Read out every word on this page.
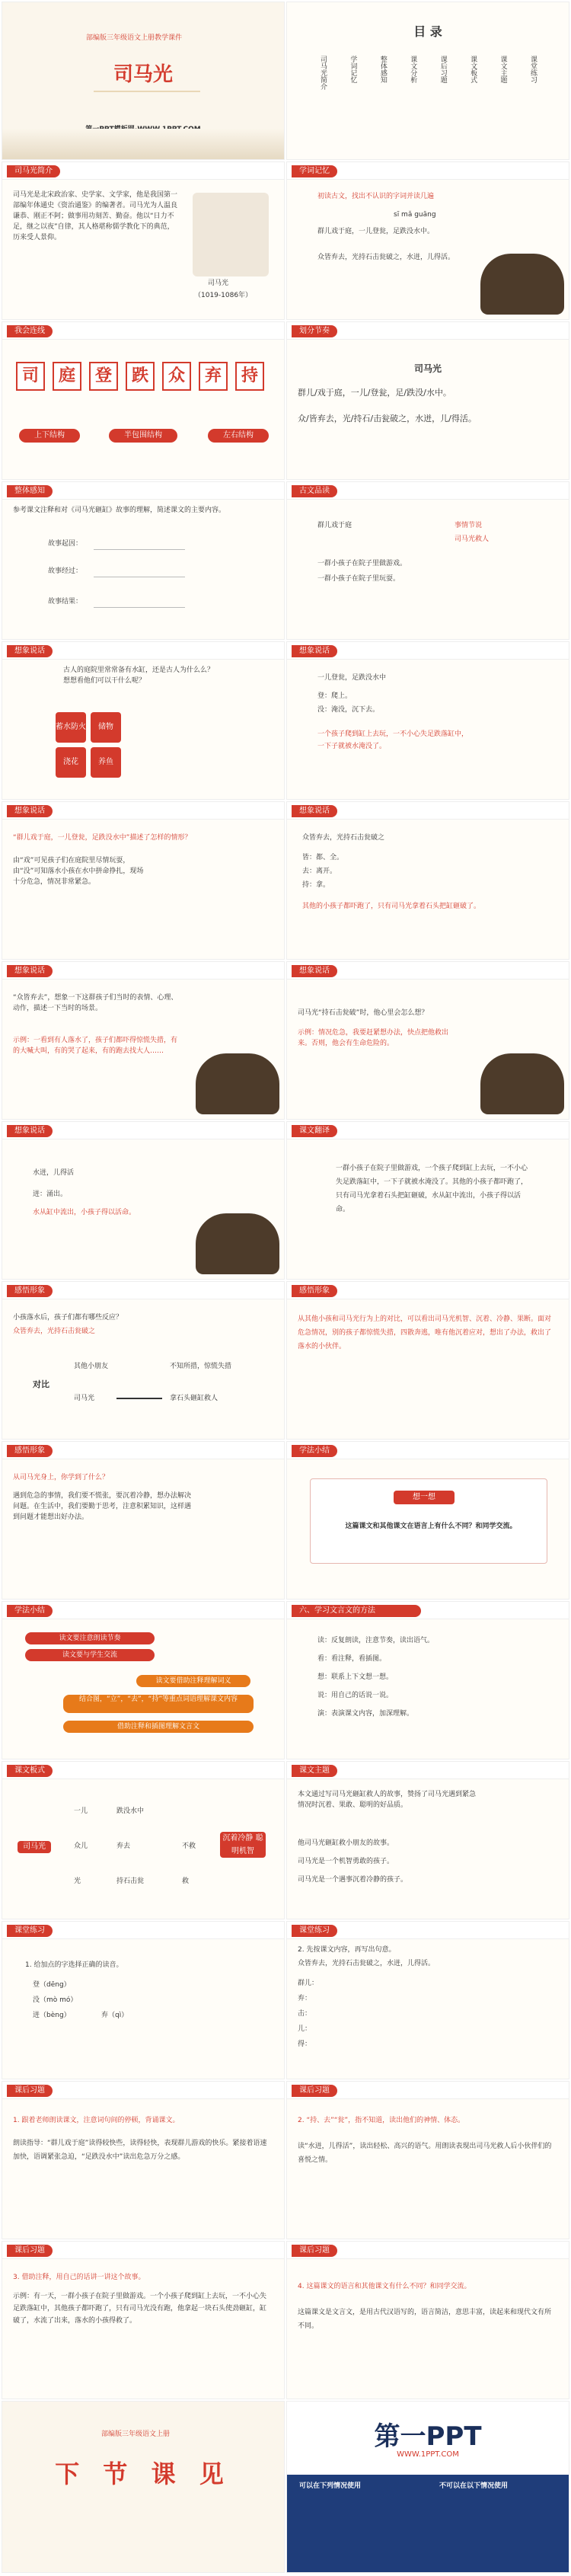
部编版三年级语文上册教学课件
司马光
目 录
司马光简介	学词记忆	整体感知	课文分析	课后习题	课文板式	课文主题	课堂练习
司马光简介
司马光是北宋政治家、史学家、文学家，他是我国第一部编年体通史《资治通鉴》的编著者。司马光为人温良谦恭、刚正不阿；做事用功刻苦、勤奋。他以“日力不足，继之以夜”自律，其人格堪称儒学教化下的典范，历来受人景仰。
司马光
（1019-1086年）
学词记忆
初读古文，找出不认识的字词并读几遍
sī mǎ guāng
群儿戏于庭，一儿登瓮，足跌没水中。
众皆弃去，光持石击瓮破之，水迸，儿得活。
我会连线
司	庭	登	跌	众	弃	持
上下结构	半包围结构	左右结构
划分节奏
司马光
群儿/戏于庭，一儿/登瓮，足/跌没/水中。
众/皆弃去，光/持石/击瓮破之，水迸，儿/得活。
整体感知
参考课文注释和对《司马光砸缸》故事的理解，简述课文的主要内容。
故事起因：
故事经过：
故事结果：
古文品读
群儿戏于庭	事情节说
司马光救人
一群小孩子在院子里做游戏。
一群小孩子在院子里玩耍。
想象说话
古人的庭院里常常备有水缸，还是古人为什么么？想想看他们可以干什么呢？
蓄水防火	储物
浇花	养鱼
想象说话
一儿登瓮，足跌没水中
登：爬上。
没：淹没，沉下去。
一个孩子爬到缸上去玩，一不小心失足跌落缸中，
一下子就被水淹没了。
想象说话
“群儿戏于庭，一儿登瓮，足跌没水中”描述了怎样的情形？
由“戏”可见孩子们在庭院里尽情玩耍，由“没”可知落水小孩在水中拼命挣扎，现场十分危急，情况非常紧急。
想象说话
众皆弃去，光持石击瓮破之
皆：都、全。
去：离开。
持：拿。
其他的小孩子都吓跑了，只有司马光拿着石头把缸砸破了。
想象说话
“众皆弃去”，想象一下这群孩子们当时的表情、心理、动作，描述一下当时的场景。
示例：一看到有人落水了，孩子们都吓得惊慌失措，有的大喊大叫，有的哭了起来，有的跑去找大人……
想象说话
司马光“持石击瓮破”时，他心里会怎么想？
示例：情况危急，我要赶紧想办法，快点把他救出来。否则，他会有生命危险的。
想象说话
水迸，儿得活
迸：涌出。
水从缸中流出，小孩子得以活命。
课文翻译
一群小孩子在院子里做游戏，一个孩子爬到缸上去玩，一不小心失足跌落缸中，一下子就被水淹没了。其他的小孩子都吓跑了，只有司马光拿着石头把缸砸破，水从缸中流出，小孩子得以活命。
感悟形象
小孩落水后，孩子们都有哪些反应？
众皆弃去，光持石击瓮破之
对比
其他小朋友	不知所措，惊慌失措
司马光	拿石头砸缸救人
感悟形象
从其他小孩和司马光行为上的对比，可以看出司马光机智、沉着、冷静、果断。面对危急情况，别的孩子都惊慌失措，四散奔逃，唯有他沉着应对，想出了办法，救出了落水的小伙伴。
感悟形象
从司马光身上，你学到了什么？
遇到危急的事情，我们要不慌张，要沉着冷静，想办法解决问题。在生活中，我们要勤于思考，注意积累知识，这样遇到问题才能想出好办法。
学法小结
想一想
这篇课文和其他课文在语言上有什么不同？和同学交流。
学法小结
读文要注意朗读节奏
读文要与学生交流
读文要借助注释理解词义
结合图，“立”，“去”，“持”等重点词语理解课文内容
借助注释和插图理解文言文
六、学习文言文的方法
读：反复朗读，注意节奏，读出语气。
看：看注释，看插图。
想：联系上下文想一想。
说：用自己的话说一说。
演：表演课文内容，加深理解。
课文板式
司马光
一儿
众儿
光
跌没水中
弃去
持石击瓮
不救
救
沉着冷静 聪明机智
课文主题
本文通过写司马光砸缸救人的故事，赞扬了司马光遇到紧急情况时沉着、果敢、聪明的好品质。
他司马光砸缸救小朋友的故事。
司马光是一个机智勇敢的孩子。
司马光是一个遇事沉着冷静的孩子。
课堂练习
1. 给加点的字选择正确的读音。
登（dēng）
没（mò mó）
迸（bèng）	弃（qì）
课堂练习
2. 先按课文内容，再写出句意。
众皆弃去，光持石击瓮破之，水迸，儿得活。
群儿：
弃：
击：
儿：
得：
课后习题
1. 跟着老师朗读课文，注意词句间的停顿，背诵课文。
朗读指导：“群儿戏于庭”读得较快些，读得轻快，表现群儿游戏的快乐。紧接着语速加快，语调紧张急迫，“足跌没水中”读出危急万分之感。
课后习题
2. “持、去”“瓮”，指不知道，读出他们的神情、体态。
读“水迸，儿得活”，读出轻松、高兴的语气。用朗读表现出司马光救人后小伙伴们的喜悦之情。
课后习题
3. 借助注释，用自己的话讲一讲这个故事。
示例：有一天，一群小孩子在院子里做游戏。一个小孩子爬到缸上去玩，一不小心失足跌落缸中，其他孩子都吓跑了，只有司马光没有跑，他拿起一块石头使劲砸缸，缸破了，水流了出来，落水的小孩得救了。
课后习题
4. 这篇课文的语言和其他课文有什么不同？和同学交流。
这篇课文是文言文，是用古代汉语写的，语言简洁，意思丰富，读起来和现代文有所不同。
部编版三年级语文上册
下 节 课 见
第一PPT
WWW.1PPT.COM
可以在下列情况使用	不可以在以下情况使用
